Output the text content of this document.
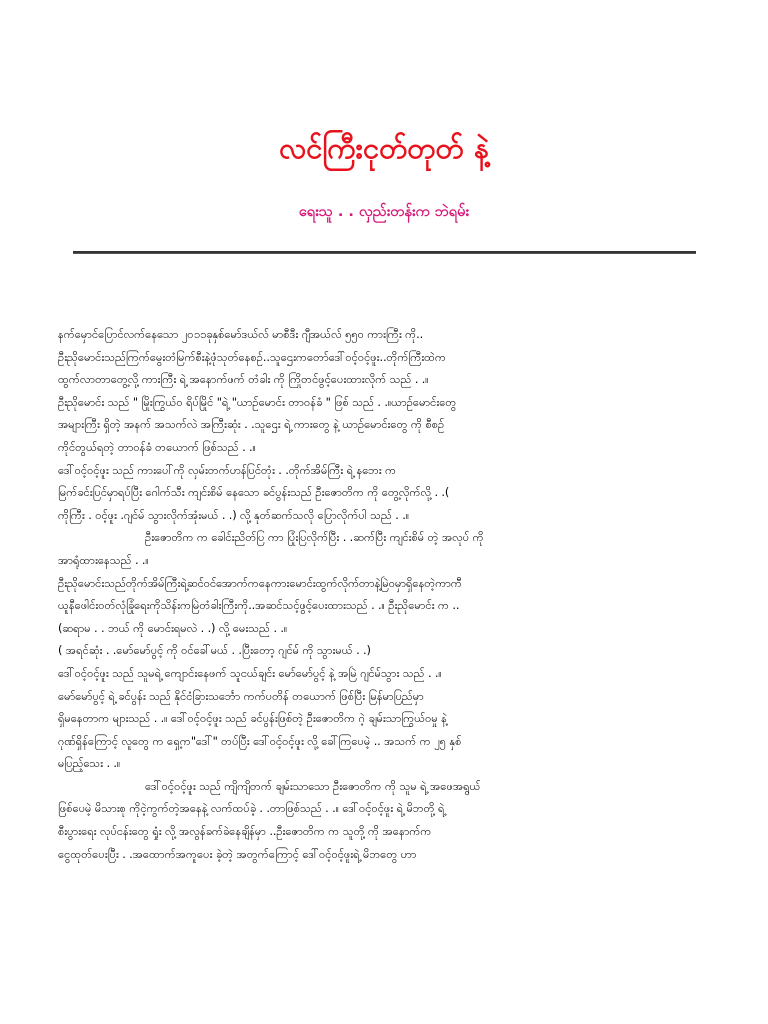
လင်ကြီးငုတ်တုတ် နဲ့
ရေးသူ . . လှည်းတန်းက ဘဲရမ်း
နက်မှောင်ပြောင်လက်နေသော ၂၀၁၁ခုနှစ်မော်ဒယ်လ် မာစီဒီး ဂျီအယ်လ် ၅၅၀ ကားကြီး ကို..
ဦးညိုမောင်းသည်ကြက်မွေးတံမြက်စီးနဲ့ဖုံသုတ်နေစဉ်..သူဌေးကတော်ဒေါ်ဝင့်ဝင့်ဖူး..တိုက်ကြီးထဲက
ထွက်လာတာတွေ့လို့ ကားကြီး ရဲ့ အနောက်ဖက် တံခါး ကို ကြိုတင်ဖွင့်ပေးထားလိုက် သည် . .။
ဦးညိုမောင်း သည် " မြိုးကြွယ်ဝ ရိပ်မြိုင် "ရဲ့ "ယာဉ်မောင်း တာဝန်ခံ " ဖြစ် သည် . .။ယာဉ်မောင်းတွေ
အများကြီး ရှိတဲ့ အနက် အသက်လဲ အကြီးဆုံး . .သူဌေး ရဲ့ ကားတွေ နဲ့ ယာဉ်မောင်းတွေ ကို စီစဉ်
ကိုင်တွယ်ရတဲ့ တာဝန်ခံ တယောက် ဖြစ်သည် . .။
ဒေါ်ဝင့်ဝင့်ဖူး သည် ကားပေါ်ကို လှမ်းတက်ဟန်ပြင်တုံး . .တိုက်အိမ်ကြီး ရဲ့ နဘေး က
မြက်ခင်းပြင်မှာရပ်ပြီး ဂေါက်သီး ကျင်းစိမ် နေသော ခင်ပွန်းသည် ဦးဇောတိက ကို တွေ့လိုက်လို့ . .(
ကိုကြီး . ဝင့်ဖူး .ဂျင်မ် သွားလိုက်အုံးမယ် . .) လို့ နုတ်ဆက်သလို ပြောလိုက်ပါ သည် . .။
ဦးဇောတိက က ခေါင်းညိတ်ပြ ကာ ပြုံးပြလိုက်ပြီး . .ဆက်ပြီး ကျင်းစိမ် တဲ့ အလုပ် ကို
အာရုံထားနေသည် . .။
ဦးညိုမောင်းသည်တိုက်အိမ်ကြီးရဲ့ဆင်ဝင်အောက်ကနေကားမောင်းထွက်လိုက်တာနဲ့မြဲဝမှာရှိနေတဲ့ကာကီ
ယူနီဖေါင်းဝတ်လုံခြုံရေးကိုသိန်းကမြဲတံခါးကြီးကို..အဆင်သင့်ဖွင့်ပေးထားသည် . .။ ဦးညိုမောင်း က ..
(ဆရာမ . . ဘယ် ကို မောင်းရမလဲ . .) လို့ မေးသည် . .။
( အရင်ဆုံး . .မော်မော်ပွင့် ကို ဝင်ခေါ်မယ် . .ပြီးတော့ ဂျင်မ် ကို သွားမယ် . .)
ဒေါ်ဝင့်ဝင့်ဖူး သည် သူမရဲ့ ကျောင်းနေဖက် သူငယ်ချင်း မော်မော်ပွင့် နဲ့ အမြဲ ဂျင်မ်သွား သည် . .။
မော်မော်ပွင့် ရဲ့ ခင်ပွန်း သည် နိုင်ငံခြားသင်္ဘော ကက်ပတိန် တယောက် ဖြစ်ပြီး မြန်မာပြည်မှာ
ရှိမနေတာက များသည် . .။ ဒေါ်ဝင့်ဝင့်ဖူး သည် ခင်ပွန်းဖြစ်တဲ့ ဦးဇောတိက ဂဲ့ ချမ်းသာကြွယ်ဝမှု နဲ့
ဂုဏ်ရှိန်ကြောင့် လူတွေ က ရှေ့က"ဒေါ်" တပ်ပြီး ဒေါ်ဝင့်ဝင့်ဖူး လို့ ခေါ်ကြပေမဲ့ .. အသက် က ၂၅ နှစ်
မပြည့်သေး . .။
ဒေါ်ဝင့်ဝင့်ဖူး သည် ကျိကျိတက် ချမ်းသာသော ဦးဇောတိက ကို သူမ ရဲ့ အဖေအရွယ်
ဖြစ်ပေမဲ့ မိသားစု ကိုငဲ့ကွက်တဲ့အနေနဲ့ လက်ထပ်ခဲ့ . .တာဖြစ်သည် . .။ ဒေါ်ဝင့်ဝင့်ဖူး ရဲ့ မိဘတို့ ရဲ့
စီးပွားရေး လုပ်ငန်းတွေ ရှုံး လို့ အလွန်ခက်ခဲနေချိန်မှာ ..ဦးဇောတိက က သူတို့ ကို အနောက်က
ငွေထုတ်ပေးပြီး . .အထောက်အကူပေး ခဲ့တဲ့ အတွက်ကြောင့် ဒေါ်ဝင့်ဝင့်ဖူးရဲ့ မိဘတွေ ဟာ
